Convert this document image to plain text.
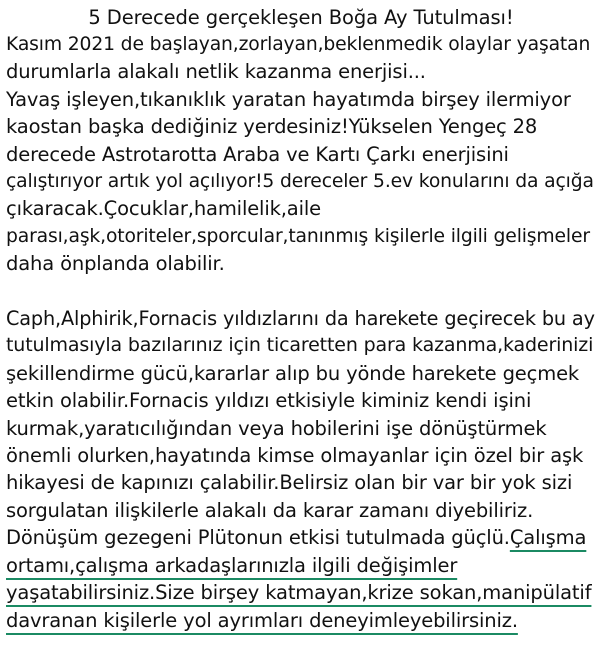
5 Derecede gerçekleşen Boğa Ay Tutulması!

Kasım 2021 de başlayan,zorlayan,beklenmedik olaylar yaşatan

durumlarla alakalı netlik kazanma enerjisi...

Yavaş işleyen,tıkanıklık yaratan hayatımda birşey ilermiyor

kaostan başka dediğiniz yerdesiniz!Yükselen Yengeç 28

derecede Astrotarotta Araba ve Kartı Çarkı enerjisini

çalıştırıyor artık yol açılıyor!5 dereceler 5.ev konularını da açığa

çıkaracak.Çocuklar,hamilelik,aile

parası,aşk,otoriteler,sporcular,tanınmış kişilerle ilgili gelişmeler

daha önplanda olabilir.

Caph,Alphirik,Fornacis yıldızlarını da harekete geçirecek bu ay

tutulmasıyla bazılarınız için ticaretten para kazanma,kaderinizi

şekillendirme gücü,kararlar alıp bu yönde harekete geçmek

etkin olabilir.Fornacis yıldızı etkisiyle kiminiz kendi işini

kurmak,yaratıcılığından veya hobilerini işe dönüştürmek

önemli olurken,hayatında kimse olmayanlar için özel bir aşk

hikayesi de kapınızı çalabilir.Belirsiz olan bir var bir yok sizi

sorgulatan ilişkilerle alakalı da karar zamanı diyebiliriz.

Dönüşüm gezegeni Plütonun etkisi tutulmada güçlü.Çalışma

ortamı,çalışma arkadaşlarınızla ilgili değişimler

yaşatabilirsiniz.Size birşey katmayan,krize sokan,manipülatif

davranan kişilerle yol ayrımları deneyimleyebilirsiniz.
